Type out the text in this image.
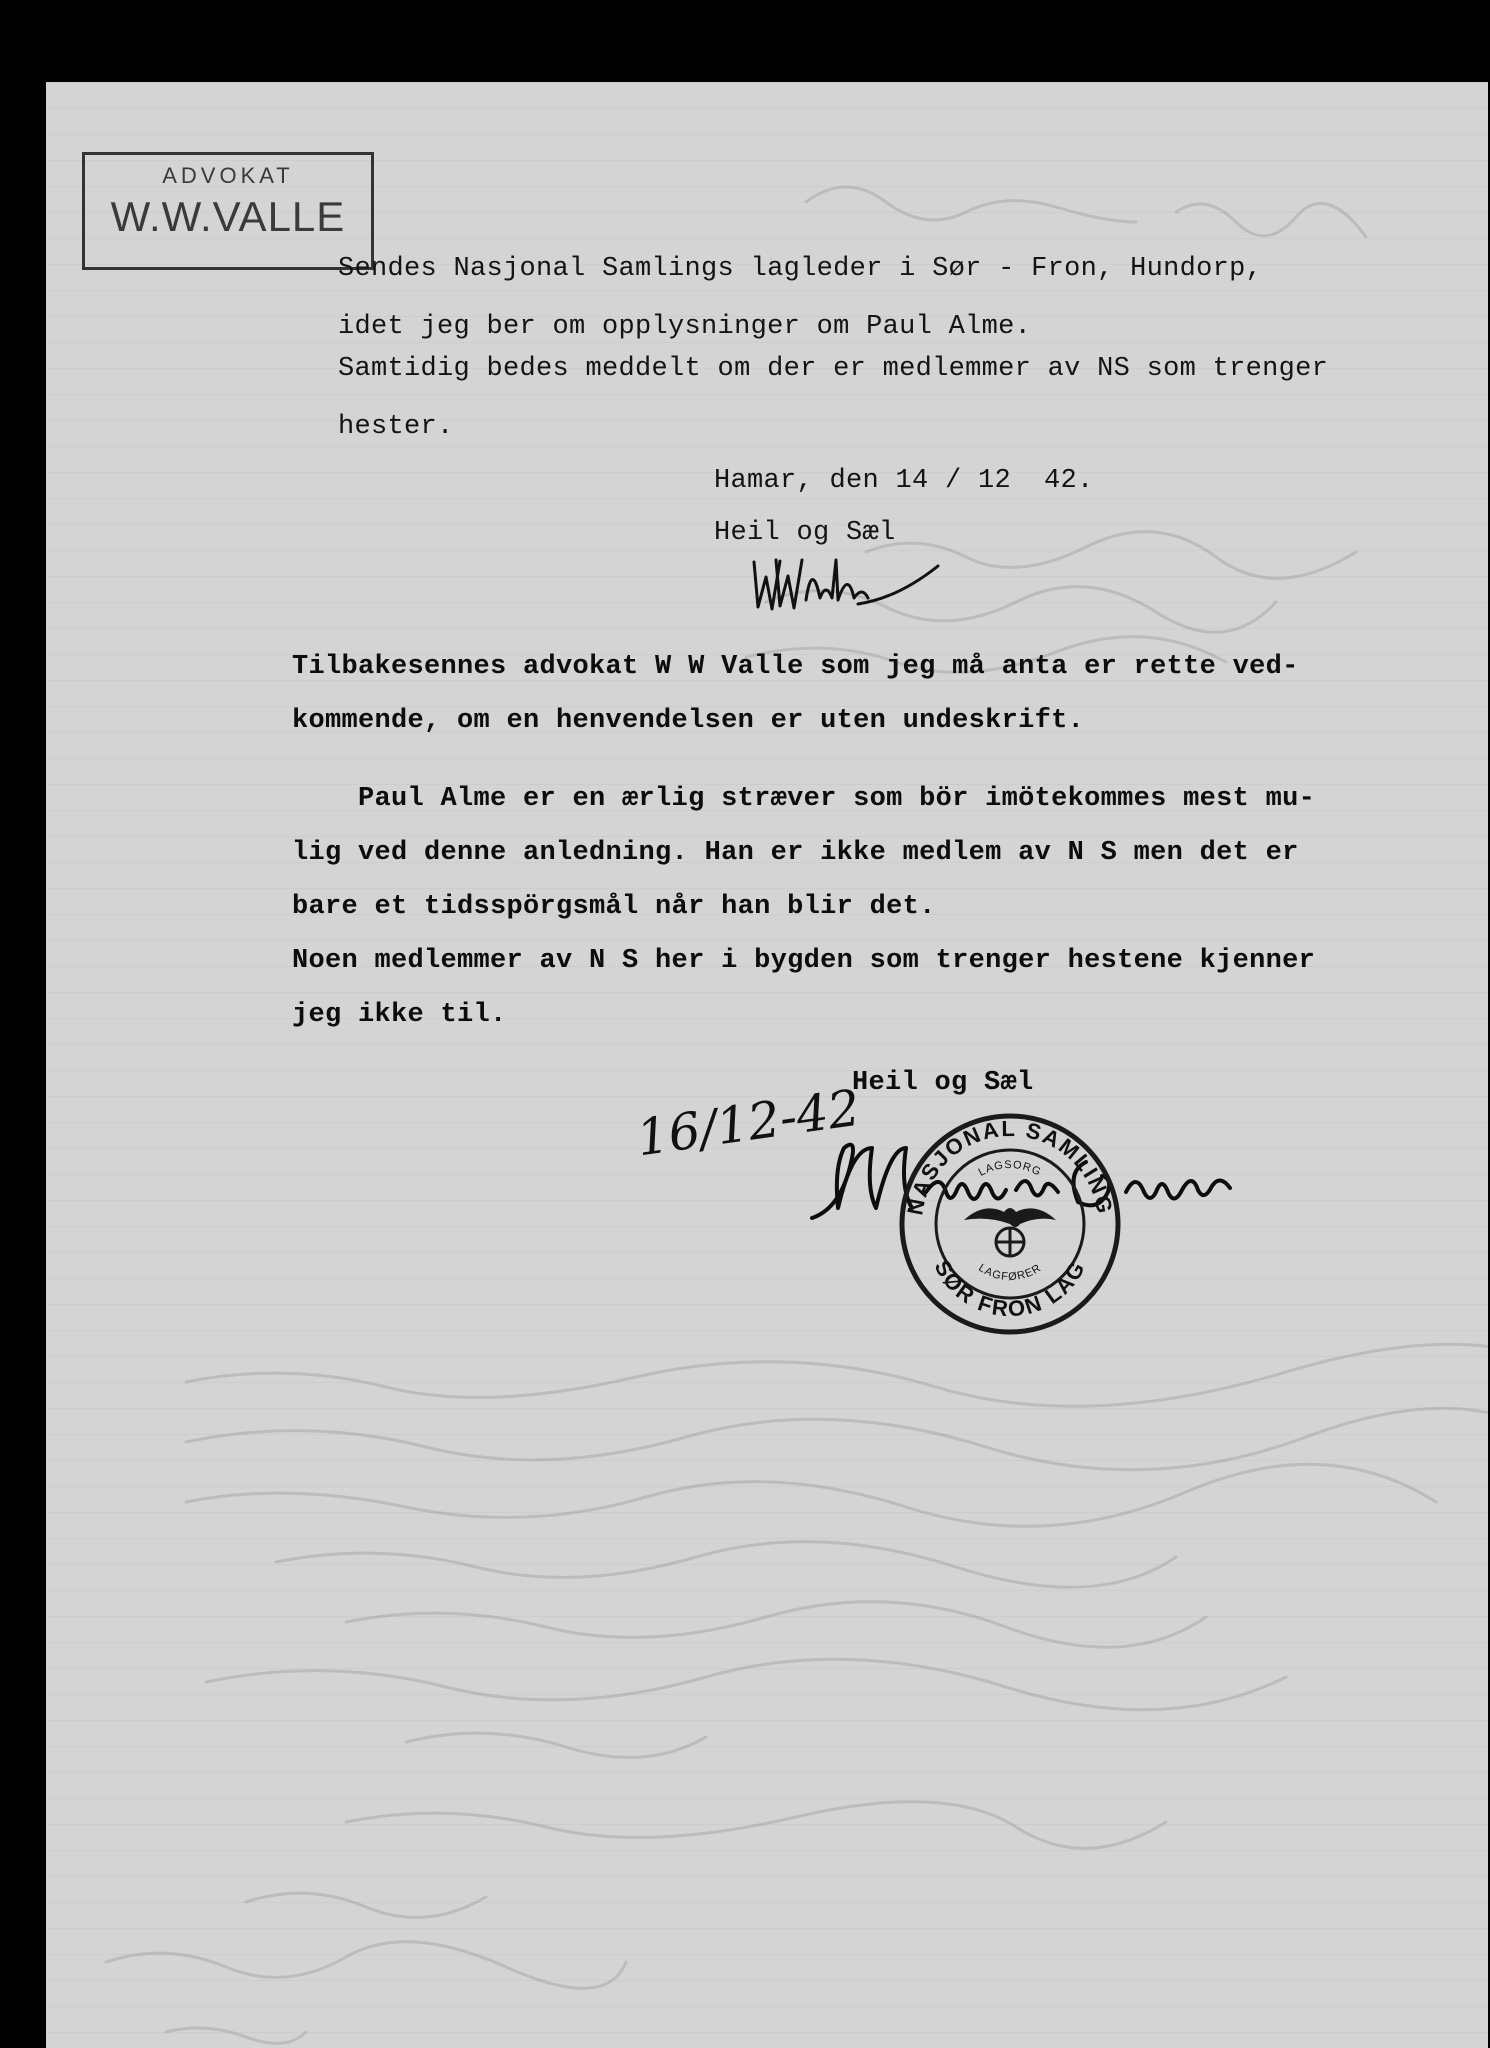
ADVOKAT
W.W.VALLE
Sendes Nasjonal Samlings lagleder i Sør - Fron, Hundorp,
idet jeg ber om opplysninger om Paul Alme.
Samtidig bedes meddelt om der er medlemmer av NS som trenger
hester.
Hamar, den 14 / 12  42.
Heil og Sæl
Tilbakesennes advokat W W Valle som jeg må anta er rette ved-
kommende, om en henvendelsen er uten undeskrift.
Paul Alme er en ærlig stræver som bör imötekommes mest mu-
lig ved denne anledning. Han er ikke medlem av N S men det er
bare et tidsspörgsmål når han blir det.
Noen medlemmer av N S her i bygden som trenger hestene kjenner
jeg ikke til.
Heil og Sæl
16/12-42
NASJONAL SAMLING
SØR FRON LAG
LAGSORG
LAGFØRER
